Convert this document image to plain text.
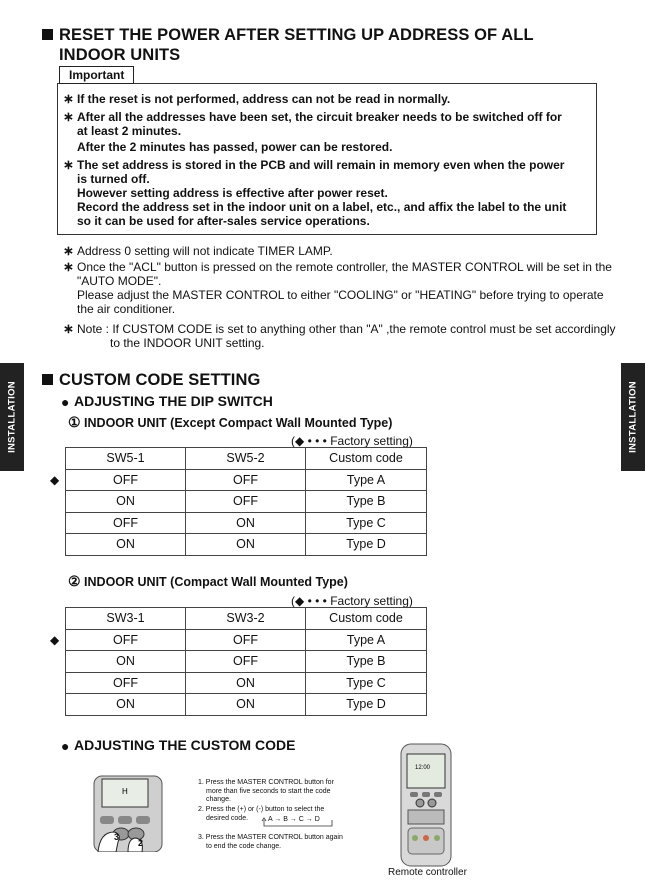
RESET THE POWER AFTER SETTING UP ADDRESS OF ALL
INDOOR UNITS
Important
∗ If the reset is not performed, address can not be read in normally.
∗ After all the addresses have been set, the circuit breaker needs to be switched off for
at least 2 minutes.
After the 2 minutes has passed, power can be restored.
∗ The set address is stored in the PCB and will remain in memory even when the power
is turned off.
However setting address is effective after power reset.
Record the address set in the indoor unit on a label, etc., and affix the label to the unit
so it can be used for after-sales service operations.
∗ Address 0 setting will not indicate TIMER LAMP.
∗ Once the "ACL" button is pressed on the remote controller, the MASTER CONTROL will be set in the
"AUTO MODE".
Please adjust the MASTER CONTROL to either "COOLING" or "HEATING" before trying to operate
the air conditioner.
∗ Note : If CUSTOM CODE is set to anything other than "A" ,the remote control must be set accordingly
to the INDOOR UNIT setting.
INSTALLATION	INSTALLATION
CUSTOM CODE SETTING
● ADJUSTING THE DIP SWITCH
① INDOOR UNIT (Except Compact Wall Mounted Type)
(◆ • • • Factory setting)
◆
SW5-1	SW5-2	Custom code
OFF	OFF	Type A
ON	OFF	Type B
OFF	ON	Type C
ON	ON	Type D
② INDOOR UNIT (Compact Wall Mounted Type)
(◆ • • • Factory setting)
◆
SW3-1	SW3-2	Custom code
OFF	OFF	Type A
ON	OFF	Type B
OFF	ON	Type C
ON	ON	Type D
● ADJUSTING THE CUSTOM CODE
H
3
2
1. Press the MASTER CONTROL button for
more than five seconds to start the code
change.
2. Press the (+) or (-) button to select the
desired code.	A → B → C → D
3. Press the MASTER CONTROL button again
to end the code change.
12:00
Remote controller
